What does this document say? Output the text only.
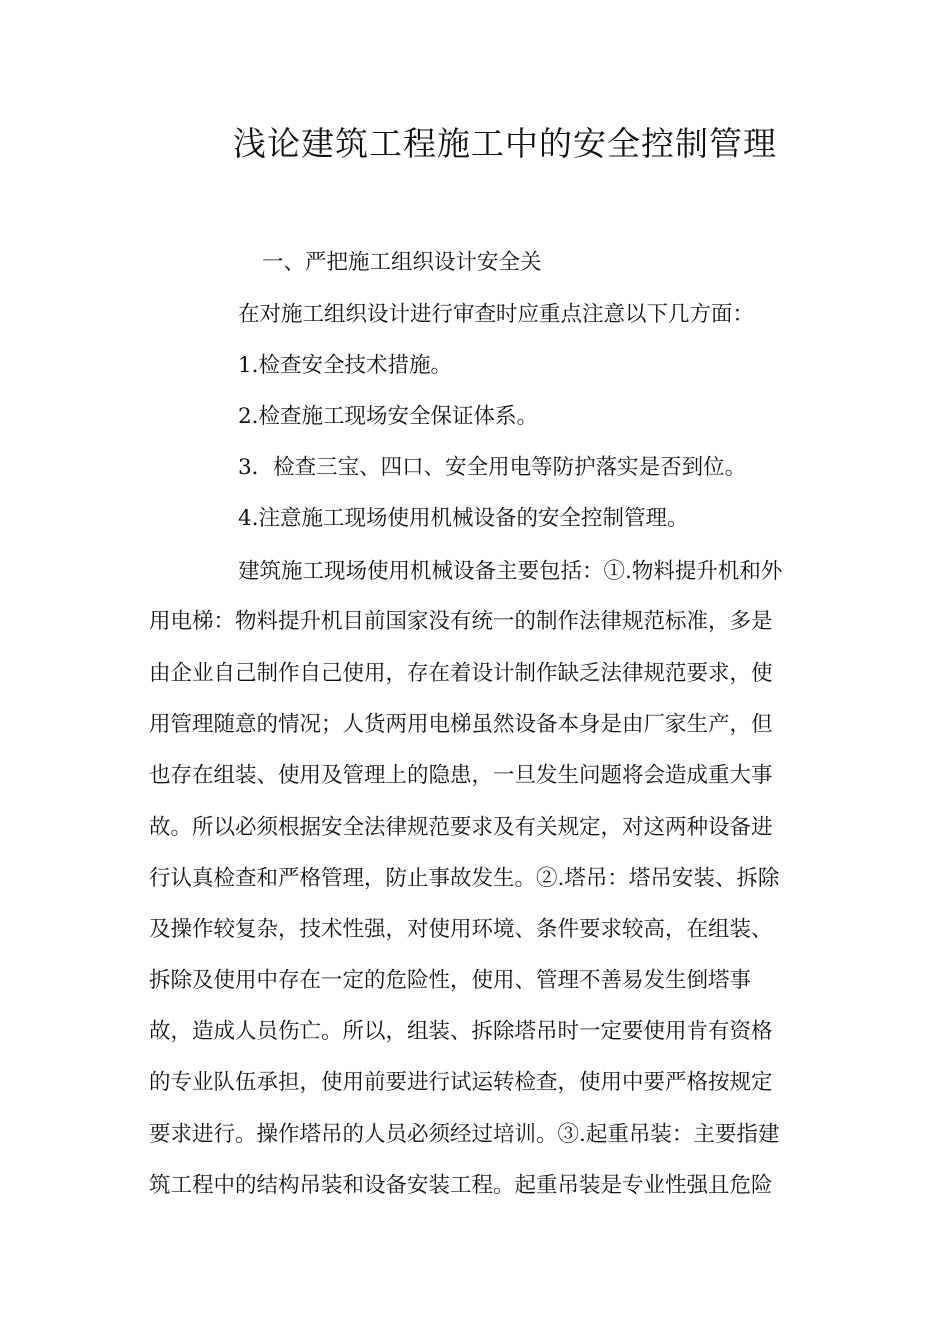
浅论建筑工程施工中的安全控制管理
一、严把施工组织设计安全关
在对施工组织设计进行审查时应重点注意以下几方面：
1.检查安全技术措施。
2.检查施工现场安全保证体系。
3．检查三宝、四口、安全用电等防护落实是否到位。
4.注意施工现场使用机械设备的安全控制管理。
建筑施工现场使用机械设备主要包括：①.物料提升机和外
用电梯：物料提升机目前国家没有统一的制作法律规范标准，多是
由企业自己制作自己使用，存在着设计制作缺乏法律规范要求，使
用管理随意的情况；人货两用电梯虽然设备本身是由厂家生产，但
也存在组装、使用及管理上的隐患，一旦发生问题将会造成重大事
故。所以必须根据安全法律规范要求及有关规定，对这两种设备进
行认真检查和严格管理，防止事故发生。②.塔吊：塔吊安装、拆除
及操作较复杂，技术性强，对使用环境、条件要求较高，在组装、
拆除及使用中存在一定的危险性，使用、管理不善易发生倒塔事
故，造成人员伤亡。所以，组装、拆除塔吊时一定要使用肯有资格
的专业队伍承担，使用前要进行试运转检查，使用中要严格按规定
要求进行。操作塔吊的人员必须经过培训。③.起重吊装：主要指建
筑工程中的结构吊装和设备安装工程。起重吊装是专业性强且危险
